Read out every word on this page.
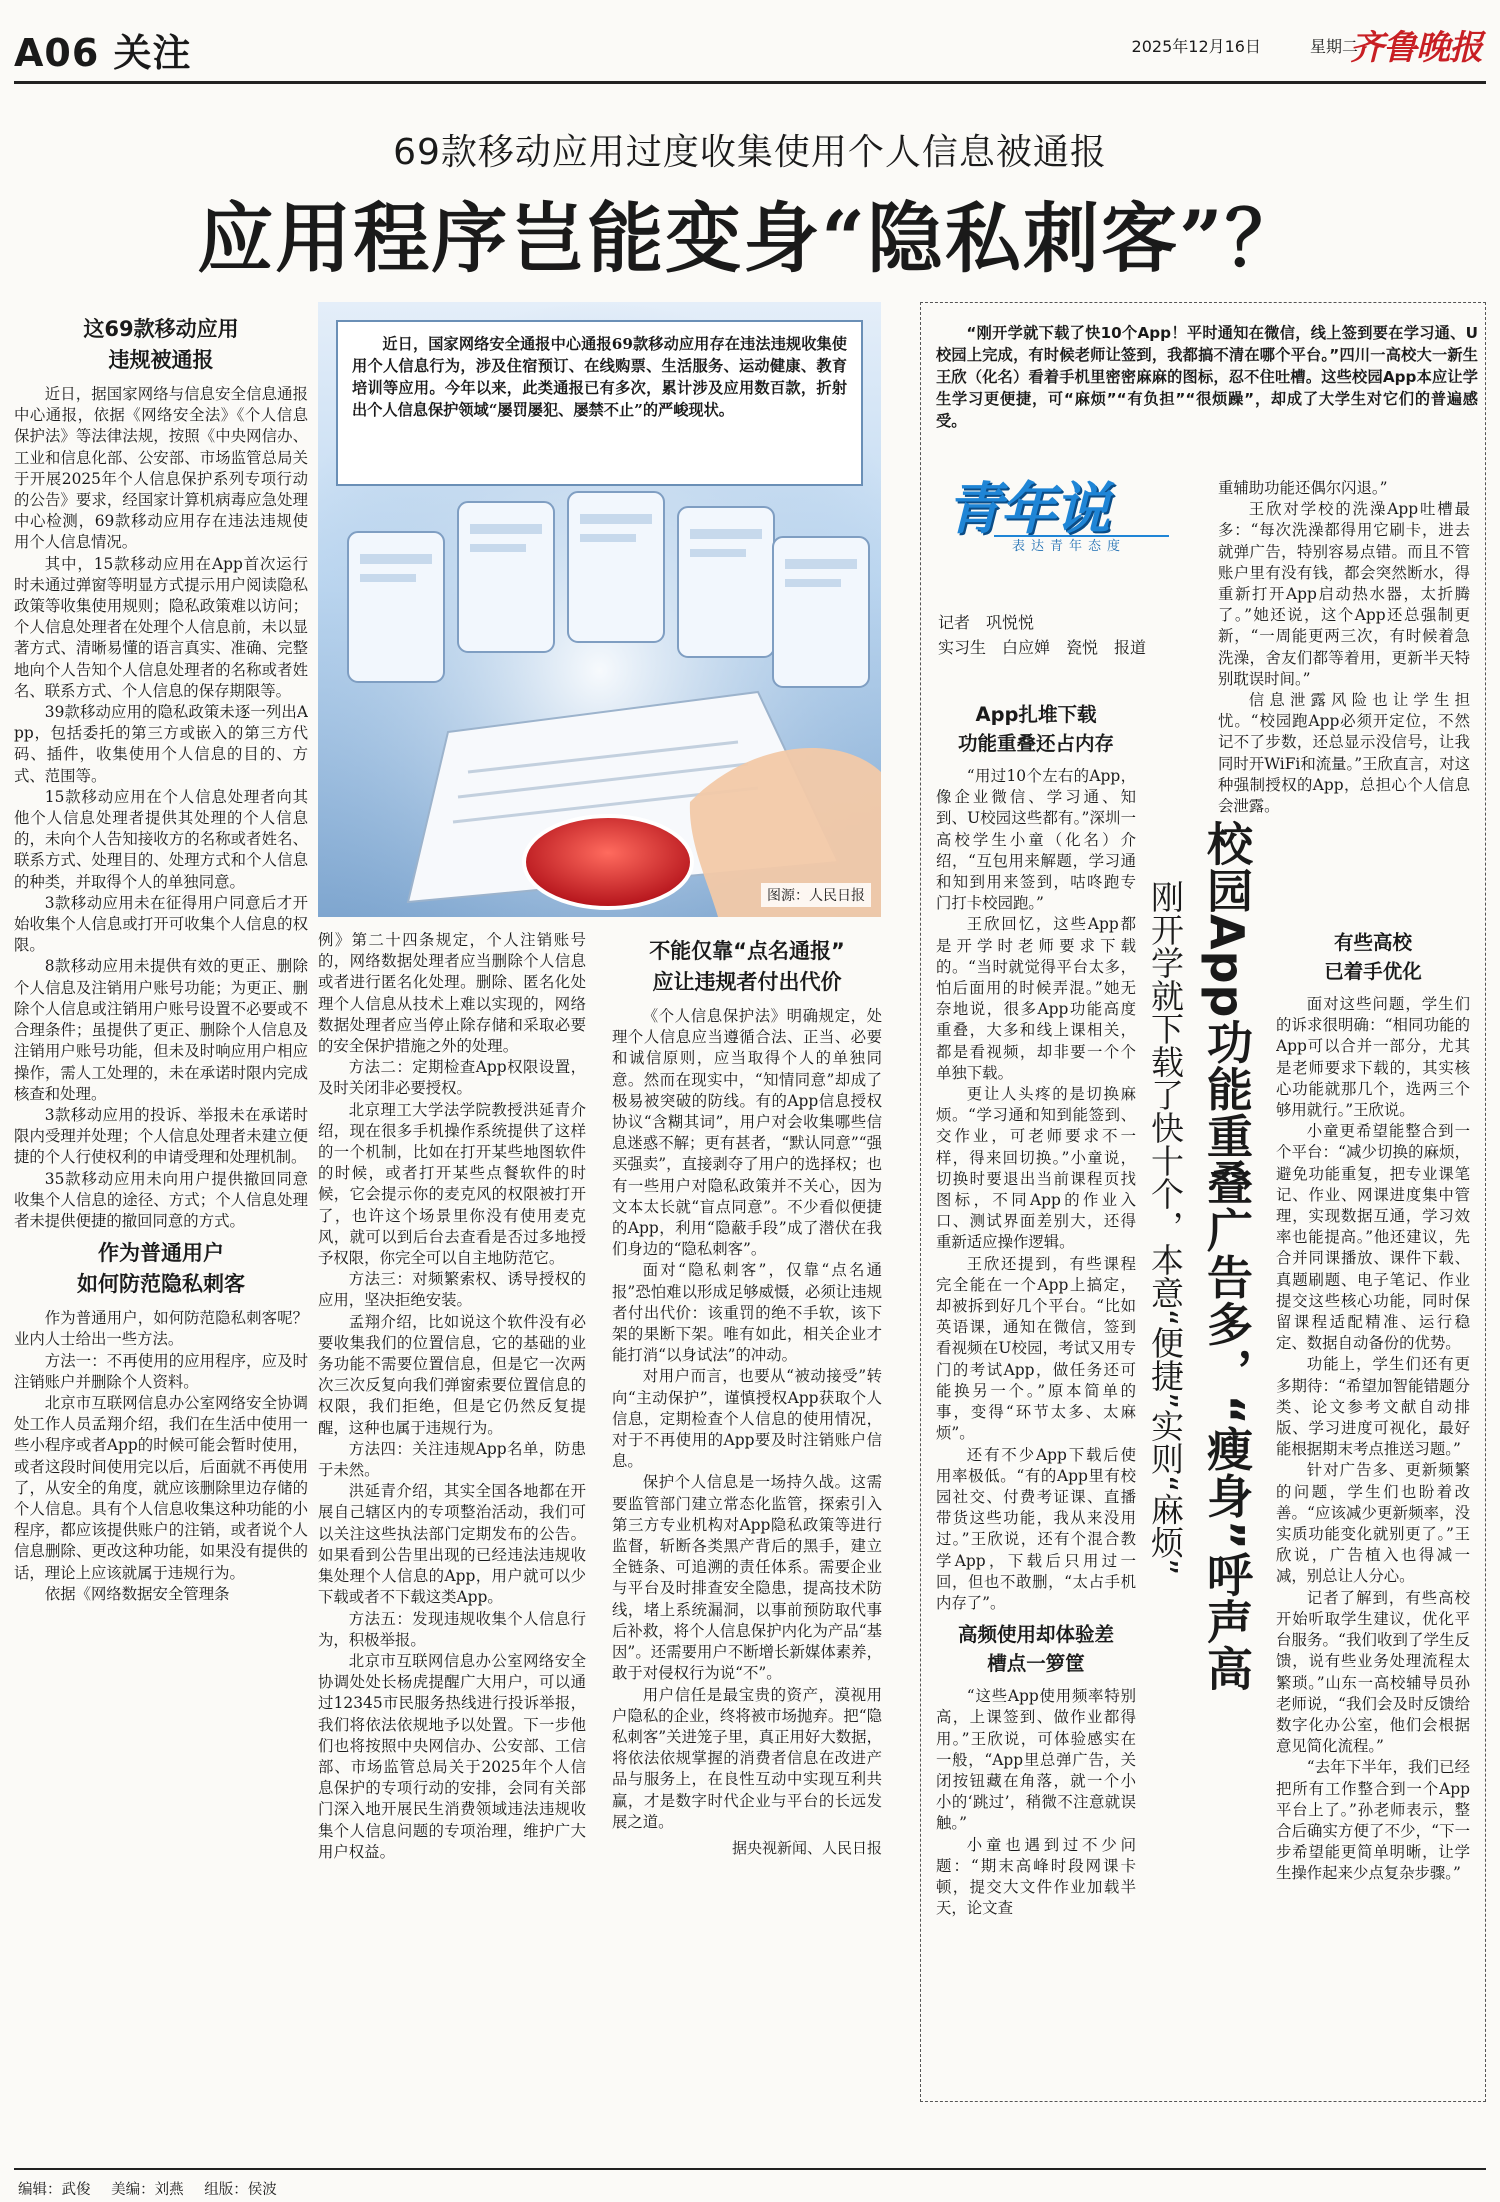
A06 关注	2025年12月16日	星期二
齐鲁晚报
69款移动应用过度收集使用个人信息被通报
应用程序岂能变身“隐私刺客”？
这69款移动应用
违规被通报

近日，据国家网络与信息安全信息通报中心通报，依据《网络安全法》《个人信息保护法》等法律法规，按照《中央网信办、工业和信息化部、公安部、市场监管总局关于开展2025年个人信息保护系列专项行动的公告》要求，经国家计算机病毒应急处理中心检测，69款移动应用存在违法违规使用个人信息情况。

其中，15款移动应用在App首次运行时未通过弹窗等明显方式提示用户阅读隐私政策等收集使用规则；隐私政策难以访问；个人信息处理者在处理个人信息前，未以显著方式、清晰易懂的语言真实、准确、完整地向个人告知个人信息处理者的名称或者姓名、联系方式、个人信息的保存期限等。

39款移动应用的隐私政策未逐一列出App，包括委托的第三方或嵌入的第三方代码、插件，收集使用个人信息的目的、方式、范围等。

15款移动应用在个人信息处理者向其他个人信息处理者提供其处理的个人信息的，未向个人告知接收方的名称或者姓名、联系方式、处理目的、处理方式和个人信息的种类，并取得个人的单独同意。

3款移动应用未在征得用户同意后才开始收集个人信息或打开可收集个人信息的权限。

8款移动应用未提供有效的更正、删除个人信息及注销用户账号功能；为更正、删除个人信息或注销用户账号设置不必要或不合理条件；虽提供了更正、删除个人信息及注销用户账号功能，但未及时响应用户相应操作，需人工处理的，未在承诺时限内完成核查和处理。

3款移动应用的投诉、举报未在承诺时限内受理并处理；个人信息处理者未建立便捷的个人行使权利的申请受理和处理机制。

35款移动应用未向用户提供撤回同意收集个人信息的途径、方式；个人信息处理者未提供便捷的撤回同意的方式。

作为普通用户
如何防范隐私刺客

作为普通用户，如何防范隐私刺客呢？业内人士给出一些方法。

方法一：不再使用的应用程序，应及时注销账户并删除个人资料。

北京市互联网信息办公室网络安全协调处工作人员孟翔介绍，我们在生活中使用一些小程序或者App的时候可能会暂时使用，或者这段时间使用完以后，后面就不再使用了，从安全的角度，就应该删除里边存储的个人信息。具有个人信息收集这种功能的小程序，都应该提供账户的注销，或者说个人信息删除、更改这种功能，如果没有提供的话，理论上应该就属于违规行为。

依据《网络数据安全管理条

近日，国家网络安全通报中心通报69款移动应用存在违法违规收集使用个人信息行为，涉及住宿预订、在线购票、生活服务、运动健康、教育培训等应用。今年以来，此类通报已有多次，累计涉及应用数百款，折射出个人信息保护领域“屡罚屡犯、屡禁不止”的严峻现状。

图源：人民日报

例》第二十四条规定，个人注销账号的，网络数据处理者应当删除个人信息或者进行匿名化处理。删除、匿名化处理个人信息从技术上难以实现的，网络数据处理者应当停止除存储和采取必要的安全保护措施之外的处理。

方法二：定期检查App权限设置，及时关闭非必要授权。

北京理工大学法学院教授洪延青介绍，现在很多手机操作系统提供了这样的一个机制，比如在打开某些地图软件的时候，或者打开某些点餐软件的时候，它会提示你的麦克风的权限被打开了，也许这个场景里你没有使用麦克风，就可以到后台去查看是否过多地授予权限，你完全可以自主地防范它。

方法三：对频繁索权、诱导授权的应用，坚决拒绝安装。

孟翔介绍，比如说这个软件没有必要收集我们的位置信息，它的基础的业务功能不需要位置信息，但是它一次两次三次反复向我们弹窗索要位置信息的权限，我们拒绝，但是它仍然反复提醒，这种也属于违规行为。

方法四：关注违规App名单，防患于未然。

洪延青介绍，其实全国各地都在开展自己辖区内的专项整治活动，我们可以关注这些执法部门定期发布的公告。如果看到公告里出现的已经违法违规收集处理个人信息的App，用户就可以少下载或者不下载这类App。

方法五：发现违规收集个人信息行为，积极举报。

北京市互联网信息办公室网络安全协调处处长杨虎提醒广大用户，可以通过12345市民服务热线进行投诉举报，我们将依法依规地予以处置。下一步他们也将按照中央网信办、公安部、工信部、市场监管总局关于2025年个人信息保护的专项行动的安排，会同有关部门深入地开展民生消费领域违法违规收集个人信息问题的专项治理，维护广大用户权益。

不能仅靠“点名通报”
应让违规者付出代价

《个人信息保护法》明确规定，处理个人信息应当遵循合法、正当、必要和诚信原则，应当取得个人的单独同意。然而在现实中，“知情同意”却成了极易被突破的防线。有的App信息授权协议“含糊其词”，用户对会收集哪些信息迷惑不解；更有甚者，“默认同意”“强买强卖”，直接剥夺了用户的选择权；也有一些用户对隐私政策并不关心，因为文本太长就“盲点同意”。不少看似便捷的App，利用“隐蔽手段”成了潜伏在我们身边的“隐私刺客”。

面对“隐私刺客”，仅靠“点名通报”恐怕难以形成足够威慑，必须让违规者付出代价：该重罚的绝不手软，该下架的果断下架。唯有如此，相关企业才能打消“以身试法”的冲动。

对用户而言，也要从“被动接受”转向“主动保护”，谨慎授权App获取个人信息，定期检查个人信息的使用情况，对于不再使用的App要及时注销账户信息。

保护个人信息是一场持久战。这需要监管部门建立常态化监管，探索引入第三方专业机构对App隐私政策等进行监督，斩断各类黑产背后的黑手，建立全链条、可追溯的责任体系。需要企业与平台及时排查安全隐患，提高技术防线，堵上系统漏洞，以事前预防取代事后补救，将个人信息保护内化为产品“基因”。还需要用户不断增长新媒体素养，敢于对侵权行为说“不”。

用户信任是最宝贵的资产，漠视用户隐私的企业，终将被市场抛弃。把“隐私刺客”关进笼子里，真正用好大数据，将依法依规掌握的消费者信息在改进产品与服务上，在良性互动中实现互利共赢，才是数字时代企业与平台的长远发展之道。

据央视新闻、人民日报

“刚开学就下载了快10个App！平时通知在微信，线上签到要在学习通、U校园上完成，有时候老师让签到，我都搞不清在哪个平台。”四川一高校大一新生王欣（化名）看着手机里密密麻麻的图标，忍不住吐槽。这些校园App本应让学生学习更便捷，可“麻烦”“有负担”“很烦躁”，却成了大学生对它们的普遍感受。

青年说
表达青年态度
记者　巩悦悦
实习生　白应婵　瓷悦　报道
校园App功能重叠广告多，“瘦身”呼声高
刚开学就下载了快十个，本意“便捷”实则“麻烦”
App扎堆下载
功能重叠还占内存

“用过10个左右的App，像企业微信、学习通、知到、U校园这些都有。”深圳一高校学生小童（化名）介绍，“互包用来解题，学习通和知到用来签到，咕咚跑专门打卡校园跑。”

王欣回忆，这些App都是开学时老师要求下载的。“当时就觉得平台太多，怕后面用的时候弄混。”她无奈地说，很多App功能高度重叠，大多和线上课相关，都是看视频，却非要一个个单独下载。

更让人头疼的是切换麻烦。“学习通和知到能签到、交作业，可老师要求不一样，得来回切换。”小童说，切换时要退出当前课程页找图标，不同App的作业入口、测试界面差别大，还得重新适应操作逻辑。

王欣还提到，有些课程完全能在一个App上搞定，却被拆到好几个平台。“比如英语课，通知在微信，签到看视频在U校园，考试又用专门的考试App，做任务还可能换另一个。”原本简单的事，变得“环节太多、太麻烦”。

还有不少App下载后使用率极低。“有的App里有校园社交、付费考证课、直播带货这些功能，我从来没用过。”王欣说，还有个混合教学App，下载后只用过一回，但也不敢删，“太占手机内存了”。

高频使用却体验差
槽点一箩筐

“这些App使用频率特别高，上课签到、做作业都得用。”王欣说，可体验感实在一般，“App里总弹广告，关闭按钮藏在角落，就一个小小的‘跳过’，稍微不注意就误触。”

小童也遇到过不少问题：“期末高峰时段网课卡顿，提交大文件作业加载半天，论文查

重辅助功能还偶尔闪退。”

王欣对学校的洗澡App吐槽最多：“每次洗澡都得用它刷卡，进去就弹广告，特别容易点错。而且不管账户里有没有钱，都会突然断水，得重新打开App启动热水器，太折腾了。”她还说，这个App还总强制更新，“一周能更两三次，有时候着急洗澡，舍友们都等着用，更新半天特别耽误时间。”

信息泄露风险也让学生担忧。“校园跑App必须开定位，不然记不了步数，还总显示没信号，让我同时开WiFi和流量。”王欣直言，对这种强制授权的App，总担心个人信息会泄露。

有些高校
已着手优化

面对这些问题，学生们的诉求很明确：“相同功能的App可以合并一部分，尤其是老师要求下载的，其实核心功能就那几个，选两三个够用就行。”王欣说。

小童更希望能整合到一个平台：“减少切换的麻烦，避免功能重复，把专业课笔记、作业、网课进度集中管理，实现数据互通，学习效率也能提高。”他还建议，先合并同课播放、课件下载、真题刷题、电子笔记、作业提交这些核心功能，同时保留课程适配精准、运行稳定、数据自动备份的优势。

功能上，学生们还有更多期待：“希望加智能错题分类、论文参考文献自动排版、学习进度可视化，最好能根据期末考点推送习题。”

针对广告多、更新频繁的问题，学生们也盼着改善。“应该减少更新频率，没实质功能变化就别更了。”王欣说，广告植入也得减一减，别总让人分心。

记者了解到，有些高校开始听取学生建议，优化平台服务。“我们收到了学生反馈，说有些业务处理流程太繁琐。”山东一高校辅导员孙老师说，“我们会及时反馈给数字化办公室，他们会根据意见简化流程。”

“去年下半年，我们已经把所有工作整合到一个App平台上了。”孙老师表示，整合后确实方便了不少，“下一步希望能更简单明晰，让学生操作起来少点复杂步骤。”

编辑：武俊 美编：刘燕 组版：侯波
